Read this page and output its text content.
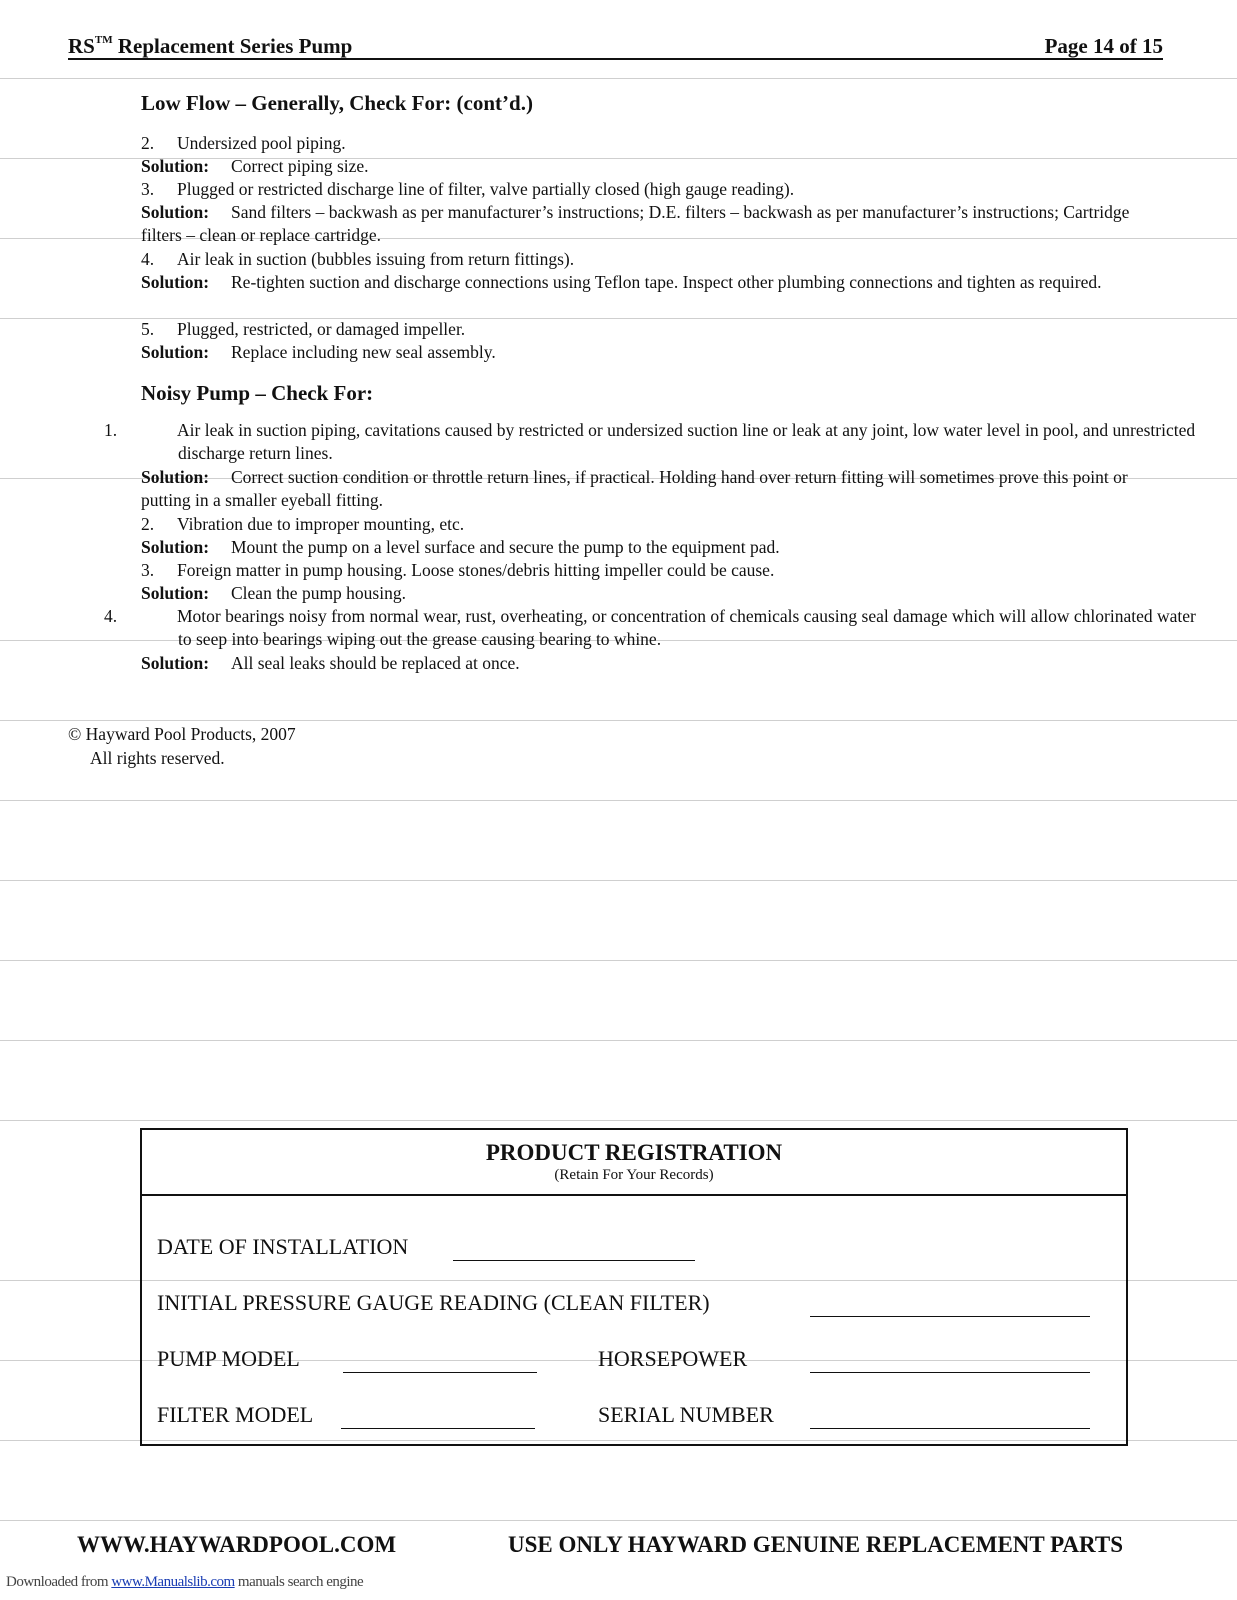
RS™ Replacement Series Pump	Page 14 of 15
Low Flow – Generally, Check For: (cont’d.)
2. Undersized pool piping.
Solution: Correct piping size.
3. Plugged or restricted discharge line of filter, valve partially closed (high gauge reading).
Solution: Sand filters – backwash as per manufacturer’s instructions; D.E. filters – backwash as per manufacturer’s instructions; Cartridge filters – clean or replace cartridge.
4. Air leak in suction (bubbles issuing from return fittings).
Solution: Re-tighten suction and discharge connections using Teflon tape. Inspect other plumbing connections and tighten as required.
5. Plugged, restricted, or damaged impeller.
Solution: Replace including new seal assembly.
Noisy Pump – Check For:
1.	Air leak in suction piping, cavitations caused by restricted or undersized suction line or leak at any joint, low water level in pool, and unrestricted discharge return lines.
Solution: Correct suction condition or throttle return lines, if practical. Holding hand over return fitting will sometimes prove this point or putting in a smaller eyeball fitting.
2. Vibration due to improper mounting, etc.
Solution: Mount the pump on a level surface and secure the pump to the equipment pad.
3. Foreign matter in pump housing. Loose stones/debris hitting impeller could be cause.
Solution: Clean the pump housing.
4.	Motor bearings noisy from normal wear, rust, overheating, or concentration of chemicals causing seal damage which will allow chlorinated water to seep into bearings wiping out the grease causing bearing to whine.
Solution: All seal leaks should be replaced at once.
© Hayward Pool Products, 2007
All rights reserved.
PRODUCT REGISTRATION
(Retain For Your Records)
DATE OF INSTALLATION
INITIAL PRESSURE GAUGE READING (CLEAN FILTER)
PUMP MODEL	HORSEPOWER
FILTER MODEL	SERIAL NUMBER
WWW.HAYWARDPOOL.COM	USE ONLY HAYWARD GENUINE REPLACEMENT PARTS
Downloaded from www.Manualslib.com manuals search engine
